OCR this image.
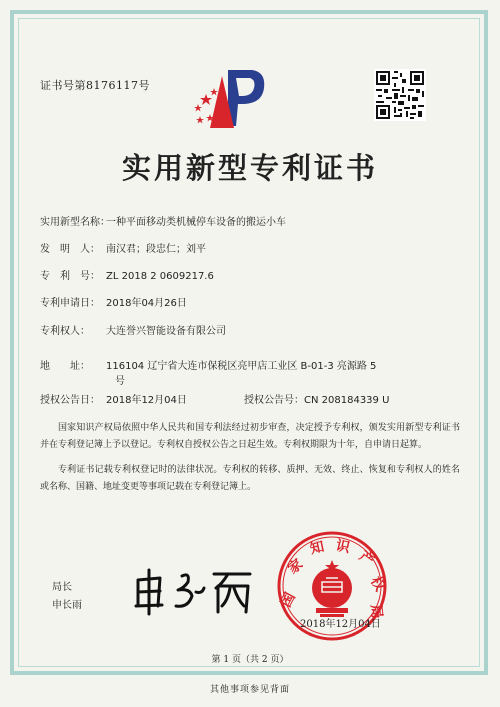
证书号第8176117号
实用新型专利证书
实用新型名称：一种平面移动类机械停车设备的搬运小车
发　明　人： 南汉君；段忠仁；刘平
专　利　号： ZL 2018 2 0609217.6
专利申请日： 2018年04月26日
专利权人： 大连誉兴智能设备有限公司
地　　址： 116104 辽宁省大连市保税区亮甲店工业区 B-01-3 亮源路 5
号
授权公告日： 2018年12月04日	授权公告号：CN 208184339 U
国家知识产权局依照中华人民共和国专利法经过初步审查，决定授予专利权，颁发实用新型专利证书并在专利登记簿上予以登记。专利权自授权公告之日起生效。专利权期限为十年，自申请日起算。
专利证书记载专利权登记时的法律状况。专利权的转移、质押、无效、终止、恢复和专利权人的姓名或名称、国籍、地址变更等事项记载在专利登记簿上。
局长
申长雨	国
家
知 识
产
权
局
2018年12月04日
第 1 页（共 2 页）
其他事项参见背面
